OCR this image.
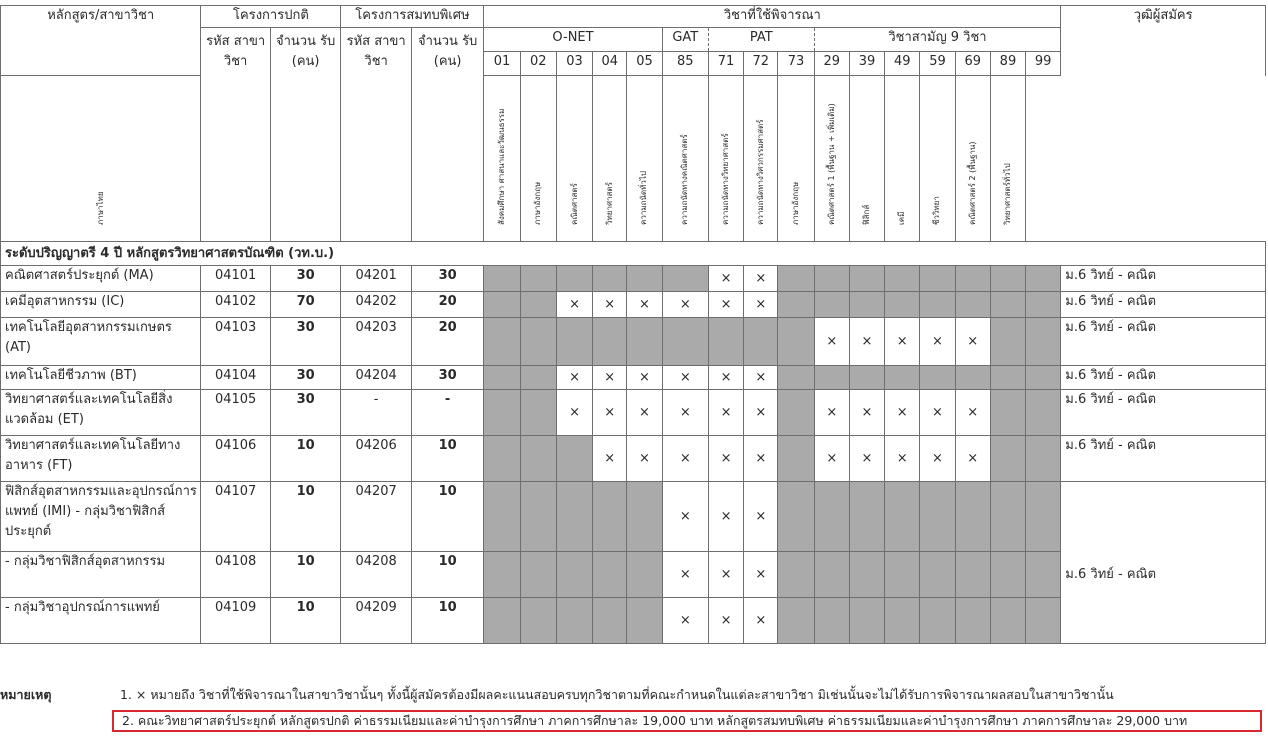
หลักสูตร/สาขาวิชา	โครงการปกติ		โครงการสมทบพิเศษ		วิชาที่ใช้พิจารณา																วุฒิผู้สมัคร
	รหัส สาขา วิชา	จำนวน รับ (คน)	รหัส สาขา วิชา	จำนวน รับ (คน)	O-NET					GAT	PAT			วิชาสามัญ 9 วิชา							
					01	02	03	04	05	85	71	72	73	29	39	49	59	69	89	99	

ภาษาไทย					สังคมศึกษา ศาสนาและวัฒนธรรม	ภาษาอังกฤษ	คณิตศาสตร์	วิทยาศาสตร์	ความถนัดทั่วไป	ความถนัดทางคณิตศาสตร์	ความถนัดทางวิทยาศาสตร์	ความถนัดทางวิศวกรรมศาสตร์	ภาษาอังกฤษ	คณิตศาสตร์ 1 (พื้นฐาน + เพิ่มเติม)	ฟิสิกส์	เคมี	ชีววิทยา	คณิตศาสตร์ 2 (พื้นฐาน)	วิทยาศาสตร์ทั่วไป		

ระดับปริญญาตรี 4 ปี หลักสูตรวิทยาศาสตรบัณฑิต (วท.บ.)																					
คณิตศาสตร์ประยุกต์ (MA)	04101	30	04201	30							×	×									ม.6 วิทย์ - คณิต
เคมีอุตสาหกรรม (IC)	04102	70	04202	20			×	×	×	×	×	×									ม.6 วิทย์ - คณิต
เทคโนโลยีอุตสาหกรรมเกษตร (AT)	04103	30	04203	20										×	×	×	×	×			ม.6 วิทย์ - คณิต
เทคโนโลยีชีวภาพ (BT)	04104	30	04204	30			×	×	×	×	×	×									ม.6 วิทย์ - คณิต
วิทยาศาสตร์และเทคโนโลยีสิ่งแวดล้อม (ET)	04105	30	-	-			×	×	×	×	×	×		×	×	×	×	×			ม.6 วิทย์ - คณิต
วิทยาศาสตร์และเทคโนโลยีทางอาหาร (FT)	04106	10	04206	10				×	×	×	×	×		×	×	×	×	×			ม.6 วิทย์ - คณิต
ฟิสิกส์อุตสาหกรรมและอุปกรณ์การแพทย์ (IMI) - กลุ่มวิชาฟิสิกส์ประยุกต์	04107	10	04207	10						×	×	×									
- กลุ่มวิชาฟิสิกส์อุตสาหกรรม	04108	10	04208	10						×	×	×									ม.6 วิทย์ - คณิต
- กลุ่มวิชาอุปกรณ์การแพทย์	04109	10	04209	10						×	×	×									
หมายเหตุ	1. × หมายถึง วิชาที่ใช้พิจารณาในสาขาวิชานั้นๆ ทั้งนี้ผู้สมัครต้องมีผลคะแนนสอบครบทุกวิชาตามที่คณะกำหนดในแต่ละสาขาวิชา มิเช่นนั้นจะไม่ได้รับการพิจารณาผลสอบในสาขาวิชานั้น
2. คณะวิทยาศาสตร์ประยุกต์ หลักสูตรปกติ ค่าธรรมเนียมและค่าบำรุงการศึกษา ภาคการศึกษาละ 19,000 บาท หลักสูตรสมทบพิเศษ ค่าธรรมเนียมและค่าบำรุงการศึกษา ภาคการศึกษาละ 29,000 บาท
